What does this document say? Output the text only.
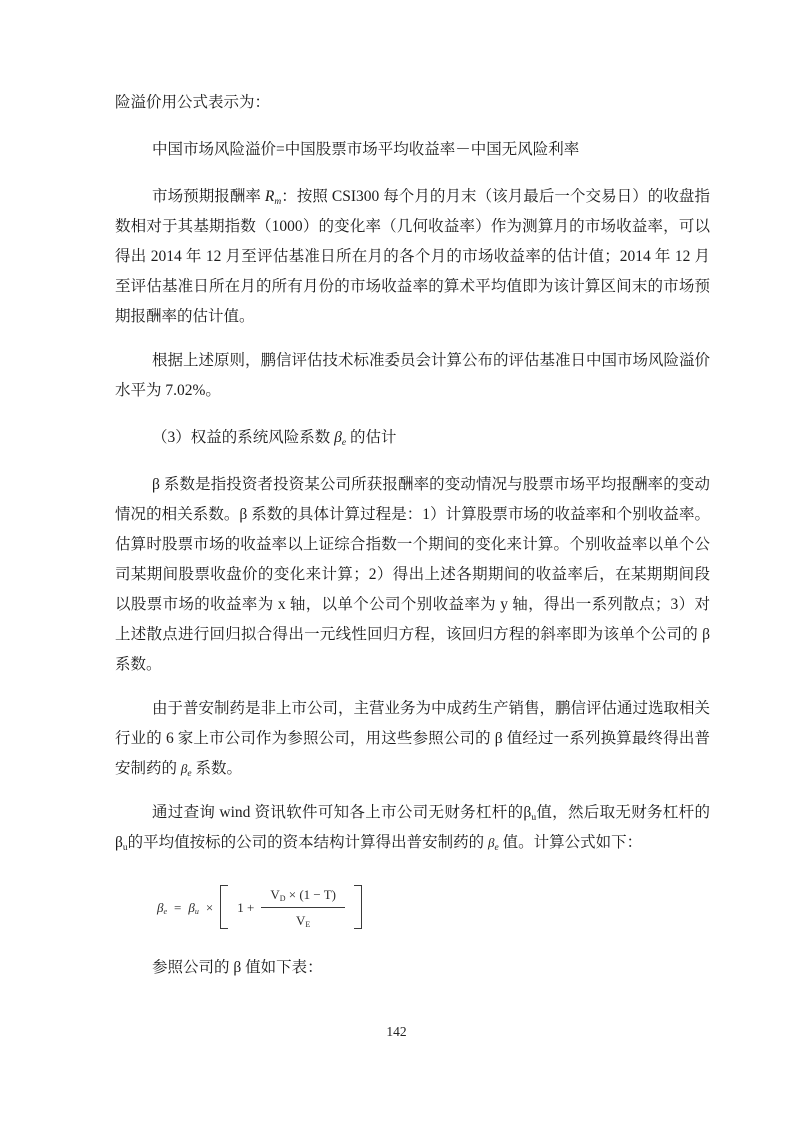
险溢价用公式表示为：

中国市场风险溢价=中国股票市场平均收益率－中国无风险利率

市场预期报酬率 $R_m$：按照 CSI300 每个月的月末（该月最后一个交易日）的收盘指数相对于其基期指数（1000）的变化率（几何收益率）作为测算月的市场收益率，可以得出 2014 年 12 月至评估基准日所在月的各个月的市场收益率的估计值；2014 年 12 月至评估基准日所在月的所有月份的市场收益率的算术平均值即为该计算区间末的市场预期报酬率的估计值。

根据上述原则，鹏信评估技术标准委员会计算公布的评估基准日中国市场风险溢价水平为 7.02%。

（3）权益的系统风险系数 $\beta_e$ 的估计

β 系数是指投资者投资某公司所获报酬率的变动情况与股票市场平均报酬率的变动情况的相关系数。β 系数的具体计算过程是：1）计算股票市场的收益率和个别收益率。估算时股票市场的收益率以上证综合指数一个期间的变化来计算。个别收益率以单个公司某期间股票收盘价的变化来计算；2）得出上述各期期间的收益率后，在某期期间段以股票市场的收益率为 x 轴，以单个公司个别收益率为 y 轴，得出一系列散点；3）对上述散点进行回归拟合得出一元线性回归方程，该回归方程的斜率即为该单个公司的 β 系数。

由于普安制药是非上市公司，主营业务为中成药生产销售，鹏信评估通过选取相关行业的 6 家上市公司作为参照公司，用这些参照公司的 β 值经过一系列换算最终得出普安制药的 $\beta_e$ 系数。

通过查询 wind 资讯软件可知各上市公司无财务杠杆的$\beta_u$值，然后取无财务杠杆的$\beta_u$的平均值按标的公司的资本结构计算得出普安制药的 $\beta_e$ 值。计算公式如下：

$\beta_e = \beta_u \times 1 + \frac{V_D \times (1 - T)}{V_E}$

参照公司的 β 值如下表：

142
